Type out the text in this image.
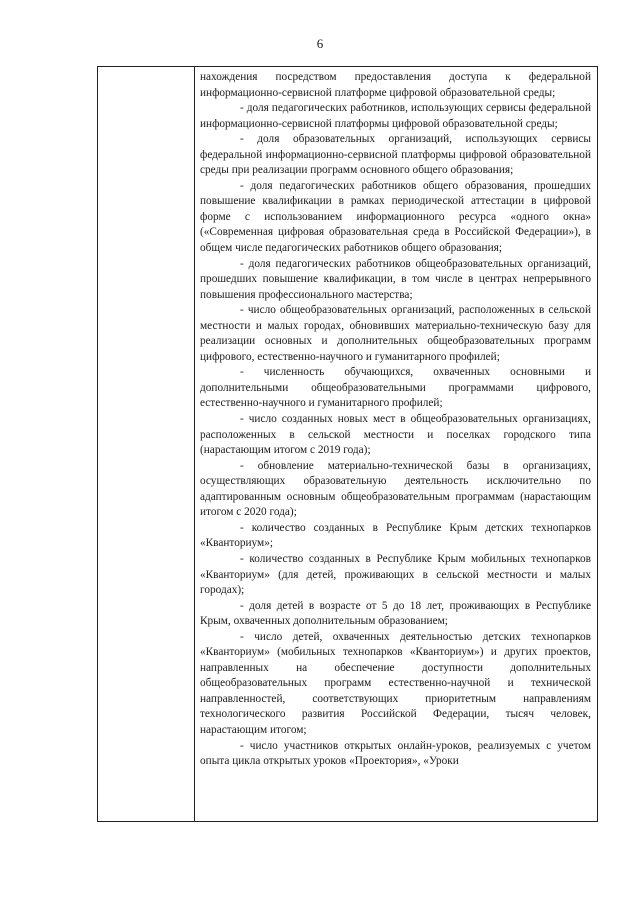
6

нахождения посредством предоставления доступа к федеральной информационно-сервисной платформе цифровой образовательной среды;

- доля педагогических работников, использующих сервисы федеральной информационно-сервисной платформы цифровой образовательной среды;

- доля образовательных организаций, использующих сервисы федеральной информационно-сервисной платформы цифровой образовательной среды при реализации программ основного общего образования;

- доля педагогических работников общего образования, прошедших повышение квалификации в рамках периодической аттестации в цифровой форме с использованием информационного ресурса «одного окна» («Современная цифровая образовательная среда в Российской Федерации»), в общем числе педагогических работников общего образования;

- доля педагогических работников общеобразовательных организаций, прошедших повышение квалификации, в том числе в центрах непрерывного повышения профессионального мастерства;

- число общеобразовательных организаций, расположенных в сельской местности и малых городах, обновивших материально-техническую базу для реализации основных и дополнительных общеобразовательных программ цифрового, естественно-научного и гуманитарного профилей;

- численность обучающихся, охваченных основными и дополнительными общеобразовательными программами цифрового, естественно-научного и гуманитарного профилей;

- число созданных новых мест в общеобразовательных организациях, расположенных в сельской местности и поселках городского типа (нарастающим итогом с 2019 года);

- обновление материально-технической базы в организациях, осуществляющих образовательную деятельность исключительно по адаптированным основным общеобразовательным программам (нарастающим итогом с 2020 года);

- количество созданных в Республике Крым детских технопарков «Кванториум»;

- количество созданных в Республике Крым мобильных технопарков «Кванториум» (для детей, проживающих в сельской местности и малых городах);

- доля детей в возрасте от 5 до 18 лет, проживающих в Республике Крым, охваченных дополнительным образованием;

- число детей, охваченных деятельностью детских технопарков «Кванториум» (мобильных технопарков «Кванториум») и других проектов, направленных на обеспечение доступности дополнительных общеобразовательных программ естественно-научной и технической направленностей, соответствующих приоритетным направлениям технологического развития Российской Федерации, тысяч человек, нарастающим итогом;

- число участников открытых онлайн-уроков, реализуемых с учетом опыта цикла открытых уроков «Проектория», «Уроки
